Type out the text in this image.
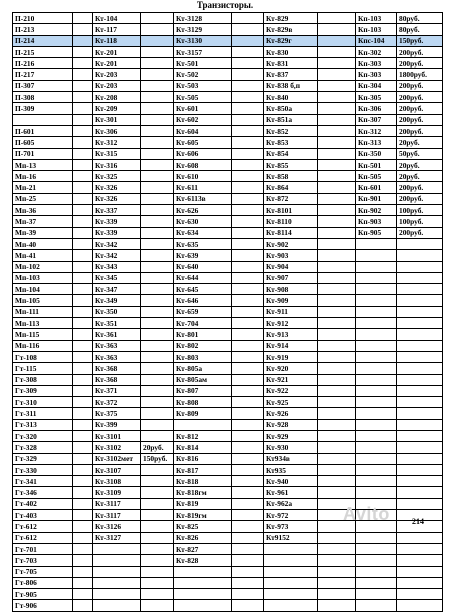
Транзисторы.
П-210		Кт-104		Кт-3128		Кт-829		Кп-103	80руб.
П-213		Кт-117		Кт-3129		Кт-829в		Кп-103	80руб.
П-214		Кт-118		Кт-3130		Кт-829г		Кпс-104	150руб.
П-215		Кт-201		Кт-3157		Кт-830		Кп-302	200руб.
П-216		Кт-201		Кт-501		Кт-831		Кп-303	200руб.
П-217		Кт-203		Кт-502		Кт-837		Кп-303	1800руб.
П-307		Кт-203		Кт-503		Кт-838 б,п		Кп-304	200руб.
П-308		Кт-208		Кт-505		Кт-840		Кп-305	200руб.
П-309		Кт-209		Кт-601		Кт-850а		Кп-306	200руб.
		Кт-301		Кт-602		Кт-851а		Кп-307	200руб.
П-601		Кт-306		Кт-604		Кт-852		Кп-312	200руб.
П-605		Кт-312		Кт-605		Кт-853		Кп-313	20руб.
П-701		Кт-315		Кт-606		Кт-854		Кп-350	50руб.
Мп-13		Кт-316		Кт-608		Кт-855		Кп-501	20руб.
Мп-16		Кт-325		Кт-610		Кт-858		Кп-505	20руб.
Мп-21		Кт-326		Кт-611		Кт-864		Кп-601	200руб.
Мп-25		Кт-326		Кт-6113в		Кт-872		Кп-901	200руб.
Мп-36		Кт-337		Кт-626		Кт-8101		Кп-902	100руб.
Мп-37		Кт-339		Кт-630		Кт-8110		Кп-903	100руб.
Мп-39		Кт-339		Кт-634		Кт-8114		Кп-905	200руб.
Мп-40		Кт-342		Кт-635		Кт-902			
Мп-41		Кт-342		Кт-639		Кт-903			
Мп-102		Кт-343		Кт-640		Кт-904			
Мп-103		Кт-345		Кт-644		Кт-907			
Мп-104		Кт-347		Кт-645		Кт-908			
Мп-105		Кт-349		Кт-646		Кт-909			
Мп-111		Кт-350		Кт-659		Кт-911			
Мп-113		Кт-351		Кт-704		Кт-912			
Мп-115		Кт-361		Кт-801		Кт-913			
Мп-116		Кт-363		Кт-802		Кт-914			
Гт-108		Кт-363		Кт-803		Кт-919			
Гт-115		Кт-368		Кт-805а		Кт-920			
Гт-308		Кт-368		Кт-805ам		Кт-921			
Гт-309		Кт-371		Кт-807		Кт-922			
Гт-310		Кт-372		Кт-808		Кт-925			
Гт-311		Кт-375		Кт-809		Кт-926			
Гт-313		Кт-399				Кт-928			
Гт-320		Кт-3101		Кт-812		Кт-929			
Гт-328		Кт-3102	20руб.	Кт-814		Кт-930			
Гт-329		Кт-3102мет	150руб.	Кт-816		Кт934в			
Гт-330		Кт-3107		Кт-817		Кт935			
Гт-341		Кт-3108		Кт-818		Кт-940			
Гт-346		Кт-3109		Кт-818гм		Кт-961			
Гт-402		Кт-3117		Кт-819		Кт-962а			
Гт-403		Кт-3117		Кт-819гм		Кт-972			
Гт-612		Кт-3126		Кт-825		Кт-973			
Гт-612		Кт-3127		Кт-826		Кт9152			
Гт-701				Кт-827					
Гт-703				Кт-828					
Гт-705									
Гт-806									
Гт-905									
Гт-906									
Avito	214
